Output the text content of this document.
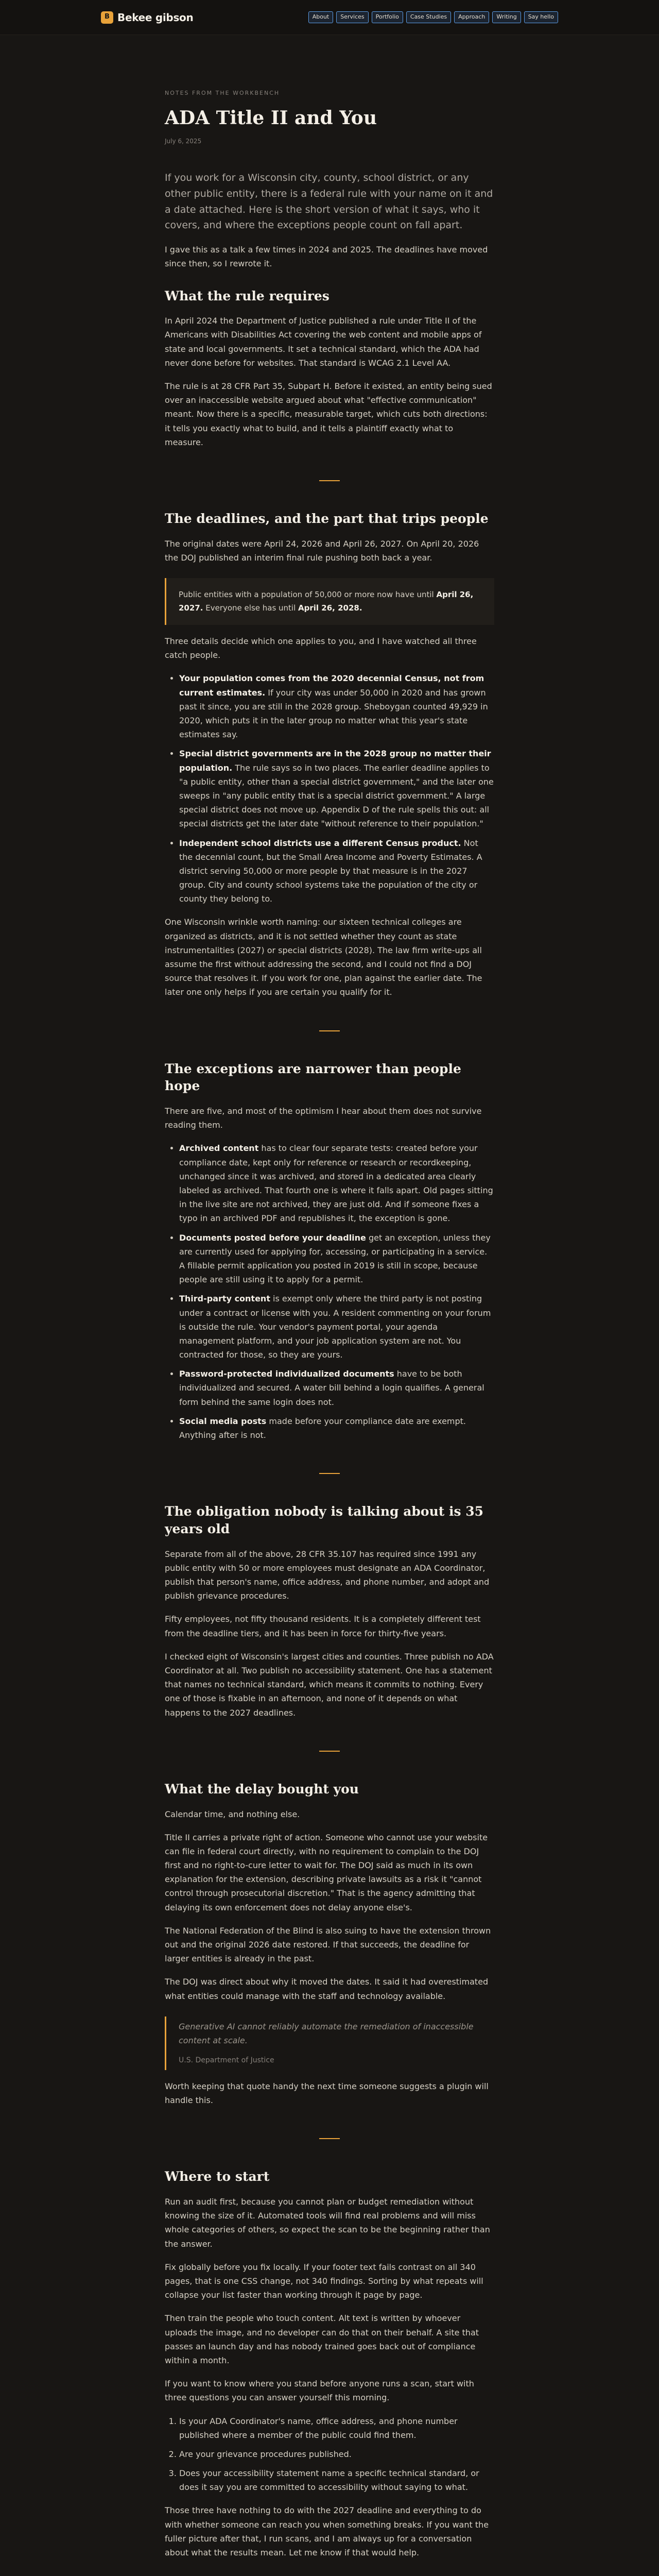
B Bekee gibson	About	Services	Portfolio	Case Studies	Approach	Writing	Say hello
NOTES FROM THE WORKBENCH
ADA Title II and You
July 6, 2025

If you work for a Wisconsin city, county, school district, or any other public entity, there is a federal rule with your name on it and a date attached. Here is the short version of what it says, who it covers, and where the exceptions people count on fall apart.

I gave this as a talk a few times in 2024 and 2025. The deadlines have moved since then, so I rewrote it.

What the rule requires

In April 2024 the Department of Justice published a rule under Title II of the Americans with Disabilities Act covering the web content and mobile apps of state and local governments. It set a technical standard, which the ADA had never done before for websites. That standard is WCAG 2.1 Level AA.

The rule is at 28 CFR Part 35, Subpart H. Before it existed, an entity being sued over an inaccessible website argued about what "effective communication" meant. Now there is a specific, measurable target, which cuts both directions: it tells you exactly what to build, and it tells a plaintiff exactly what to measure.

The deadlines, and the part that trips people

The original dates were April 24, 2026 and April 26, 2027. On April 20, 2026 the DOJ published an interim final rule pushing both back a year.

Public entities with a population of 50,000 or more now have until April 26, 2027. Everyone else has until April 26, 2028.

Three details decide which one applies to you, and I have watched all three catch people.

• Your population comes from the 2020 decennial Census, not from current estimates. If your city was under 50,000 in 2020 and has grown past it since, you are still in the 2028 group. Sheboygan counted 49,929 in 2020, which puts it in the later group no matter what this year's state estimates say.
• Special district governments are in the 2028 group no matter their population. The rule says so in two places. The earlier deadline applies to "a public entity, other than a special district government," and the later one sweeps in "any public entity that is a special district government." A large special district does not move up. Appendix D of the rule spells this out: all special districts get the later date "without reference to their population."
• Independent school districts use a different Census product. Not the decennial count, but the Small Area Income and Poverty Estimates. A district serving 50,000 or more people by that measure is in the 2027 group. City and county school systems take the population of the city or county they belong to.

One Wisconsin wrinkle worth naming: our sixteen technical colleges are organized as districts, and it is not settled whether they count as state instrumentalities (2027) or special districts (2028). The law firm write-ups all assume the first without addressing the second, and I could not find a DOJ source that resolves it. If you work for one, plan against the earlier date. The later one only helps if you are certain you qualify for it.

The exceptions are narrower than people hope

There are five, and most of the optimism I hear about them does not survive reading them.

• Archived content has to clear four separate tests: created before your compliance date, kept only for reference or research or recordkeeping, unchanged since it was archived, and stored in a dedicated area clearly labeled as archived. That fourth one is where it falls apart. Old pages sitting in the live site are not archived, they are just old. And if someone fixes a typo in an archived PDF and republishes it, the exception is gone.
• Documents posted before your deadline get an exception, unless they are currently used for applying for, accessing, or participating in a service. A fillable permit application you posted in 2019 is still in scope, because people are still using it to apply for a permit.
• Third-party content is exempt only where the third party is not posting under a contract or license with you. A resident commenting on your forum is outside the rule. Your vendor's payment portal, your agenda management platform, and your job application system are not. You contracted for those, so they are yours.
• Password-protected individualized documents have to be both individualized and secured. A water bill behind a login qualifies. A general form behind the same login does not.
• Social media posts made before your compliance date are exempt. Anything after is not.
The obligation nobody is talking about is 35 years old

Separate from all of the above, 28 CFR 35.107 has required since 1991 any public entity with 50 or more employees must designate an ADA Coordinator, publish that person's name, office address, and phone number, and adopt and publish grievance procedures.

Fifty employees, not fifty thousand residents. It is a completely different test from the deadline tiers, and it has been in force for thirty-five years.

I checked eight of Wisconsin's largest cities and counties. Three publish no ADA Coordinator at all. Two publish no accessibility statement. One has a statement that names no technical standard, which means it commits to nothing. Every one of those is fixable in an afternoon, and none of it depends on what happens to the 2027 deadlines.

What the delay bought you

Calendar time, and nothing else.

Title II carries a private right of action. Someone who cannot use your website can file in federal court directly, with no requirement to complain to the DOJ first and no right-to-cure letter to wait for. The DOJ said as much in its own explanation for the extension, describing private lawsuits as a risk it "cannot control through prosecutorial discretion." That is the agency admitting that delaying its own enforcement does not delay anyone else's.

The National Federation of the Blind is also suing to have the extension thrown out and the original 2026 date restored. If that succeeds, the deadline for larger entities is already in the past.

The DOJ was direct about why it moved the dates. It said it had overestimated what entities could manage with the staff and technology available.

Generative AI cannot reliably automate the remediation of inaccessible content at scale.
U.S. Department of Justice

Worth keeping that quote handy the next time someone suggests a plugin will handle this.

Where to start

Run an audit first, because you cannot plan or budget remediation without knowing the size of it. Automated tools will find real problems and will miss whole categories of others, so expect the scan to be the beginning rather than the answer.

Fix globally before you fix locally. If your footer text fails contrast on all 340 pages, that is one CSS change, not 340 findings. Sorting by what repeats will collapse your list faster than working through it page by page.

Then train the people who touch content. Alt text is written by whoever uploads the image, and no developer can do that on their behalf. A site that passes an launch day and has nobody trained goes back out of compliance within a month.

If you want to know where you stand before anyone runs a scan, start with three questions you can answer yourself this morning.

1. Is your ADA Coordinator's name, office address, and phone number published where a member of the public could find them.
2. Are your grievance procedures published.
3. Does your accessibility statement name a specific technical standard, or does it say you are committed to accessibility without saying to what.

Those three have nothing to do with the 2027 deadline and everything to do with whether someone can reach you when something breaks. If you want the fuller picture after that, I run scans, and I am always up for a conversation about what the results mean. Let me know if that would help.
